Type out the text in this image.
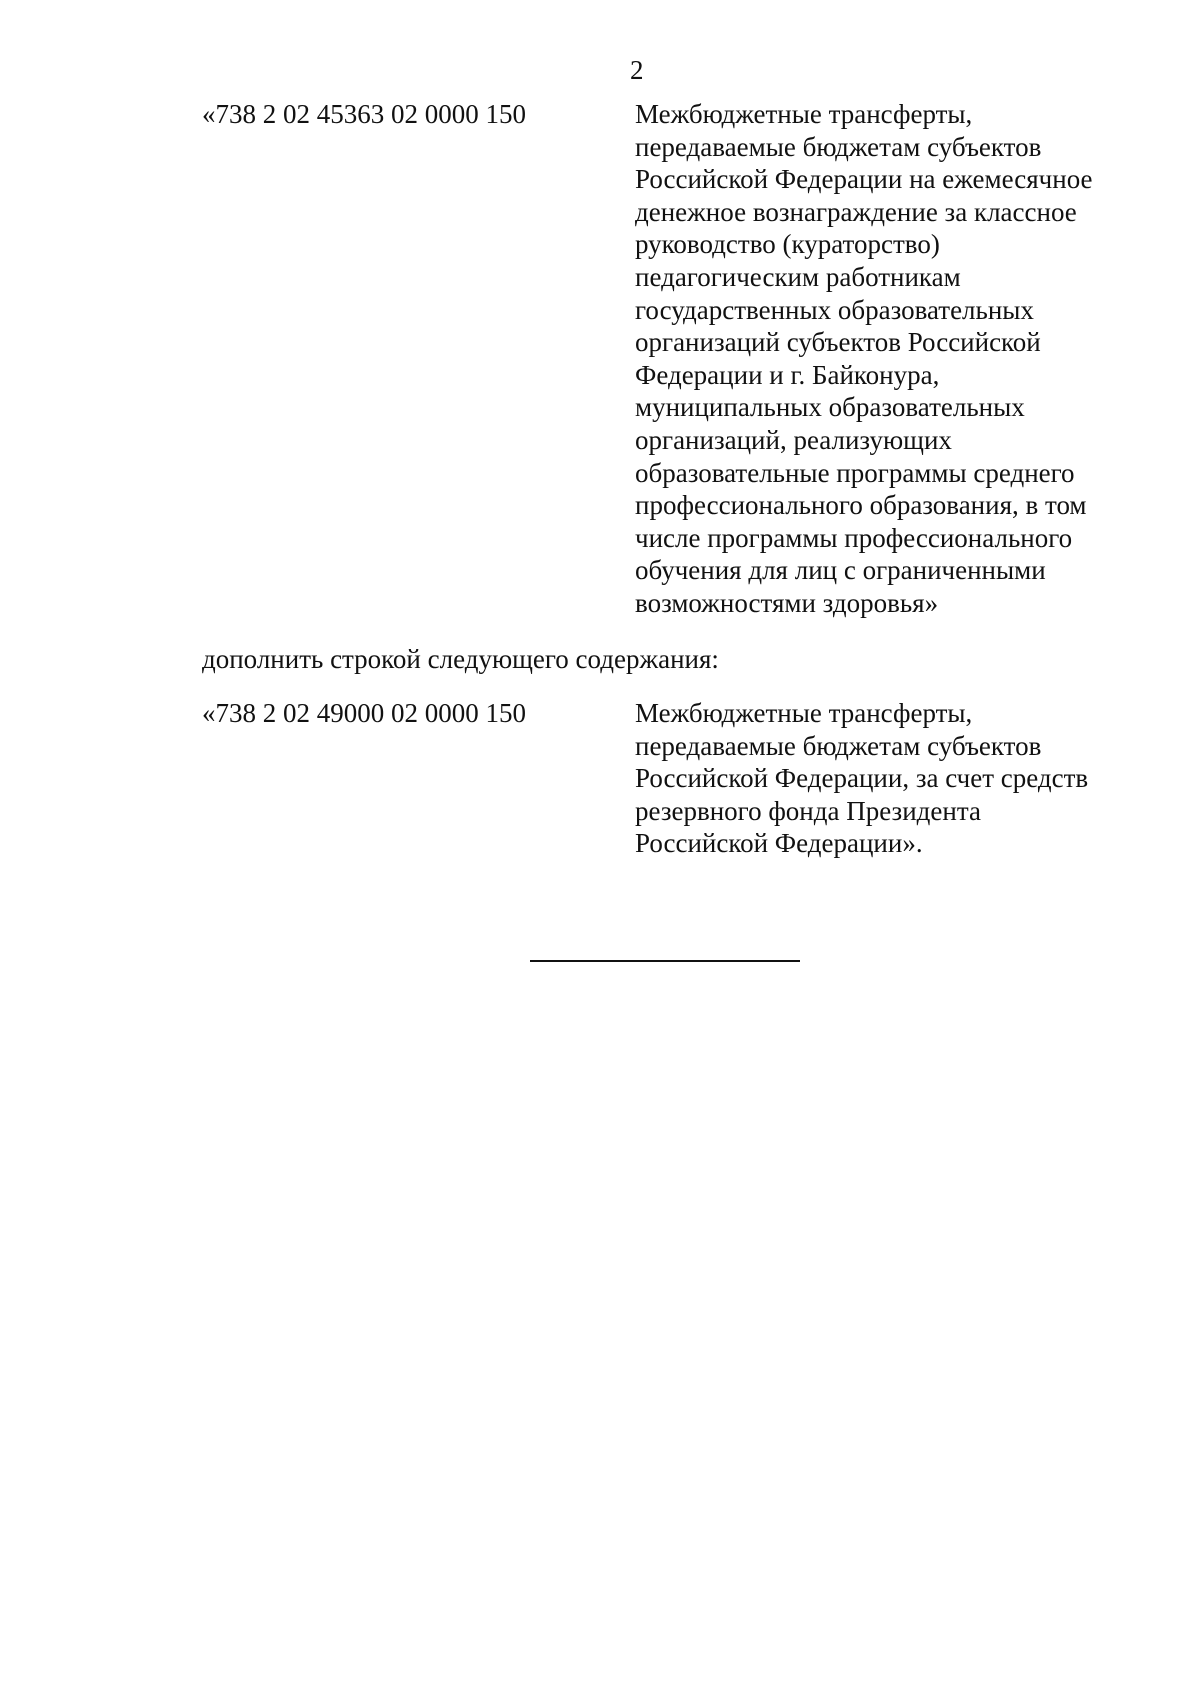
2
«738 2 02 45363 02 0000 150	Межбюджетные трансферты,
передаваемые бюджетам субъектов
Российской Федерации на ежемесячное
денежное вознаграждение за классное
руководство (кураторство)
педагогическим работникам
государственных образовательных
организаций субъектов Российской
Федерации и г. Байконура,
муниципальных образовательных
организаций, реализующих
образовательные программы среднего
профессионального образования, в том
числе программы профессионального
обучения для лиц с ограниченными
возможностями здоровья»
дополнить строкой следующего содержания:
«738 2 02 49000 02 0000 150	Межбюджетные трансферты,
передаваемые бюджетам субъектов
Российской Федерации, за счет средств
резервного фонда Президента
Российской Федерации».
